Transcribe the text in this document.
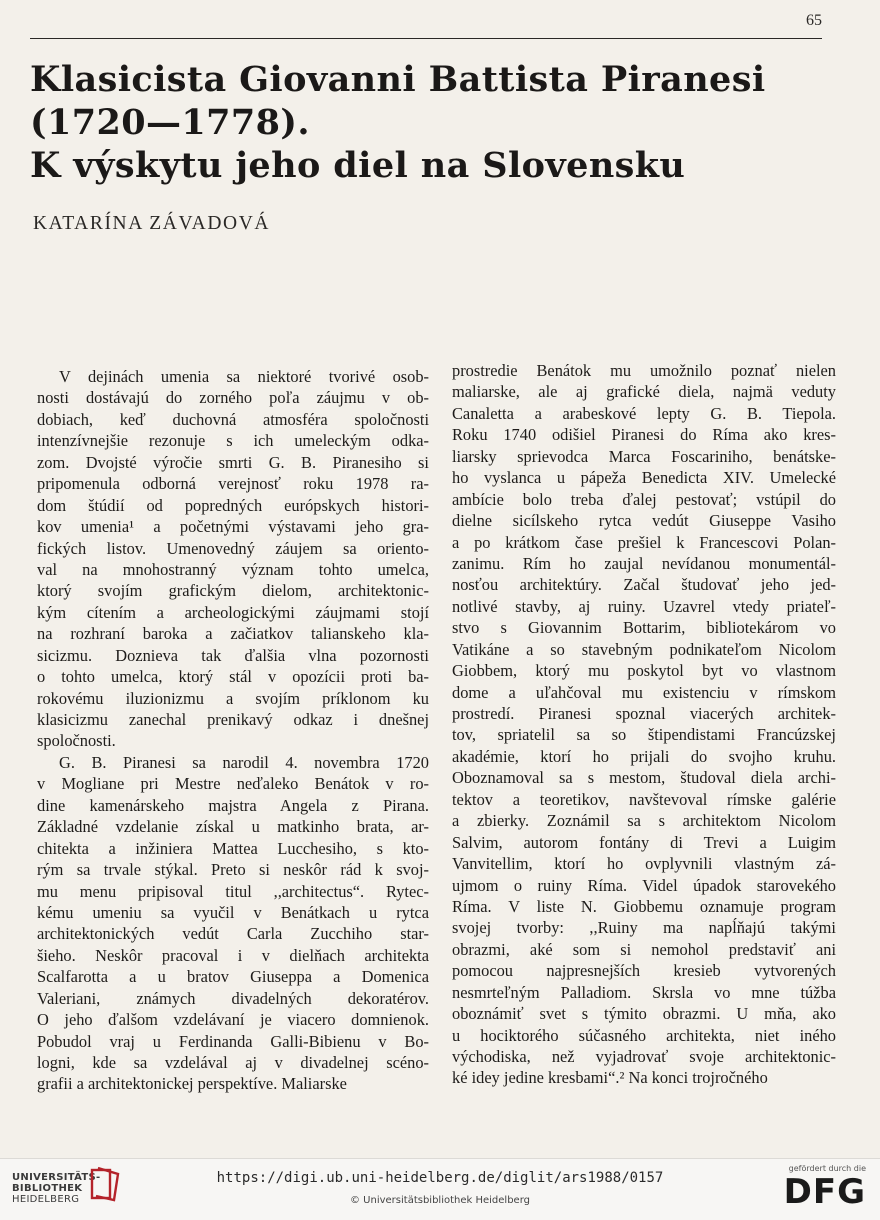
65
Klasicista Giovanni Battista Piranesi
(1720—1778).
K výskytu jeho diel na Slovensku

KATARÍNA ZÁVADOVÁ

V dejinách umenia sa niektoré tvorivé osob-
nosti dostávajú do zorného poľa záujmu v ob-
dobiach, keď duchovná atmosféra spoločnosti
intenzívnejšie rezonuje s ich umeleckým odka-
zom. Dvojsté výročie smrti G. B. Piranesiho si
pripomenula odborná verejnosť roku 1978 ra-
dom štúdií od popredných európskych histori-
kov umenia¹ a početnými výstavami jeho gra-
fických listov. Umenovedný záujem sa oriento-
val na mnohostranný význam tohto umelca,
ktorý svojím grafickým dielom, architektonic-
kým cítením a archeologickými záujmami stojí
na rozhraní baroka a začiatkov talianskeho kla-
sicizmu. Doznieva tak ďalšia vlna pozornosti
o tohto umelca, ktorý stál v opozícii proti ba-
rokovému iluzionizmu a svojím príklonom ku
klasicizmu zanechal prenikavý odkaz i dnešnej
spoločnosti.
G. B. Piranesi sa narodil 4. novembra 1720
v Mogliane pri Mestre neďaleko Benátok v ro-
dine kamenárskeho majstra Angela z Pirana.
Základné vzdelanie získal u matkinho brata, ar-
chitekta a inžiniera Mattea Lucchesiho, s kto-
rým sa trvale stýkal. Preto si neskôr rád k svoj-
mu menu pripisoval titul ,,architectus“. Rytec-
kému umeniu sa vyučil v Benátkach u rytca
architektonických vedút Carla Zucchiho star-
šieho. Neskôr pracoval i v dielňach architekta
Scalfarotta a u bratov Giuseppa a Domenica
Valeriani, známych divadelných dekoratérov.
O jeho ďalšom vzdelávaní je viacero domnienok.
Pobudol vraj u Ferdinanda Galli-Bibienu v Bo-
logni, kde sa vzdelával aj v divadelnej scéno-
grafii a architektonickej perspektíve. Maliarske
prostredie Benátok mu umožnilo poznať nielen
maliarske, ale aj grafické diela, najmä veduty
Canaletta a arabeskové lepty G. B. Tiepola.
Roku 1740 odišiel Piranesi do Ríma ako kres-
liarsky sprievodca Marca Foscariniho, benátske-
ho vyslanca u pápeža Benedicta XIV. Umelecké
ambície bolo treba ďalej pestovať; vstúpil do
dielne sicílskeho rytca vedút Giuseppe Vasiho
a po krátkom čase prešiel k Francescovi Polan-
zanimu. Rím ho zaujal nevídanou monumentál-
nosťou architektúry. Začal študovať jeho jed-
notlivé stavby, aj ruiny. Uzavrel vtedy priateľ-
stvo s Giovannim Bottarim, bibliotekárom vo
Vatikáne a so stavebným podnikateľom Nicolom
Giobbem, ktorý mu poskytol byt vo vlastnom
dome a uľahčoval mu existenciu v rímskom
prostredí. Piranesi spoznal viacerých architek-
tov, spriatelil sa so štipendistami Francúzskej
akadémie, ktorí ho prijali do svojho kruhu.
Oboznamoval sa s mestom, študoval diela archi-
tektov a teoretikov, navštevoval rímske galérie
a zbierky. Zoznámil sa s architektom Nicolom
Salvim, autorom fontány di Trevi a Luigim
Vanvitellim, ktorí ho ovplyvnili vlastným zá-
ujmom o ruiny Ríma. Videl úpadok starovekého
Ríma. V liste N. Giobbemu oznamuje program
svojej tvorby: ,,Ruiny ma napĺňajú takými
obrazmi, aké som si nemohol predstaviť ani
pomocou najpresnejších kresieb vytvorených
nesmrteľným Palladiom. Skrsla vo mne túžba
oboznámiť svet s týmito obrazmi. U mňa, ako
u hociktorého súčasného architekta, niet iného
východiska, než vyjadrovať svoje architektonic-
ké idey jedine kresbami“.² Na konci trojročného
UNIVERSITÄTS-
BIBLIOTHEK
HEIDELBERG
https://digi.ub.uni-heidelberg.de/diglit/ars1988/0157
© Universitätsbibliothek Heidelberg
gefördert durch die
DFG
